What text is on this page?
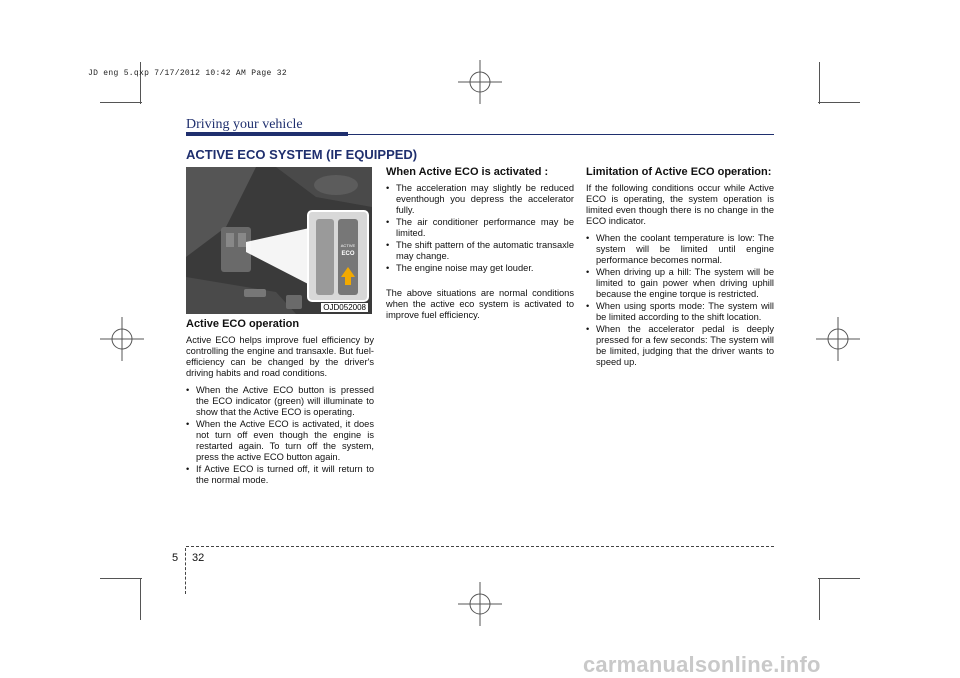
JD eng 5.qxp 7/17/2012 10:42 AM Page 32
Driving your vehicle
ACTIVE ECO SYSTEM (IF EQUIPPED)
ACTIVE
ECO
OJD052008
Active ECO operation

Active ECO helps improve fuel efficiency by controlling the engine and transaxle. But fuel-efficiency can be changed by the driver's driving habits and road conditions.

• When the Active ECO button is pressed the ECO indicator (green) will illuminate to show that the Active ECO is operating.
• When the Active ECO is activated, it does not turn off even though the engine is restarted again. To turn off the system, press the active ECO button again.
• If Active ECO is turned off, it will return to the normal mode.
When Active ECO is activated :
• The acceleration may slightly be reduced eventhough you depress the accelerator fully.
• The air conditioner performance may be limited.
• The shift pattern of the automatic transaxle may change.
• The engine noise may get louder.

The above situations are normal conditions when the active eco system is activated to improve fuel efficiency.

Limitation of Active ECO operation:

If the following conditions occur while Active ECO is operating, the system operation is limited even though there is no change in the ECO indicator.

• When the coolant temperature is low: The system will be limited until engine performance becomes normal.
• When driving up a hill: The system will be limited to gain power when driving uphill because the engine torque is restricted.
• When using sports mode: The system will be limited according to the shift location.
• When the accelerator pedal is deeply pressed for a few seconds: The system will be limited, judging that the driver wants to speed up.
5 32
carmanualsonline.info
